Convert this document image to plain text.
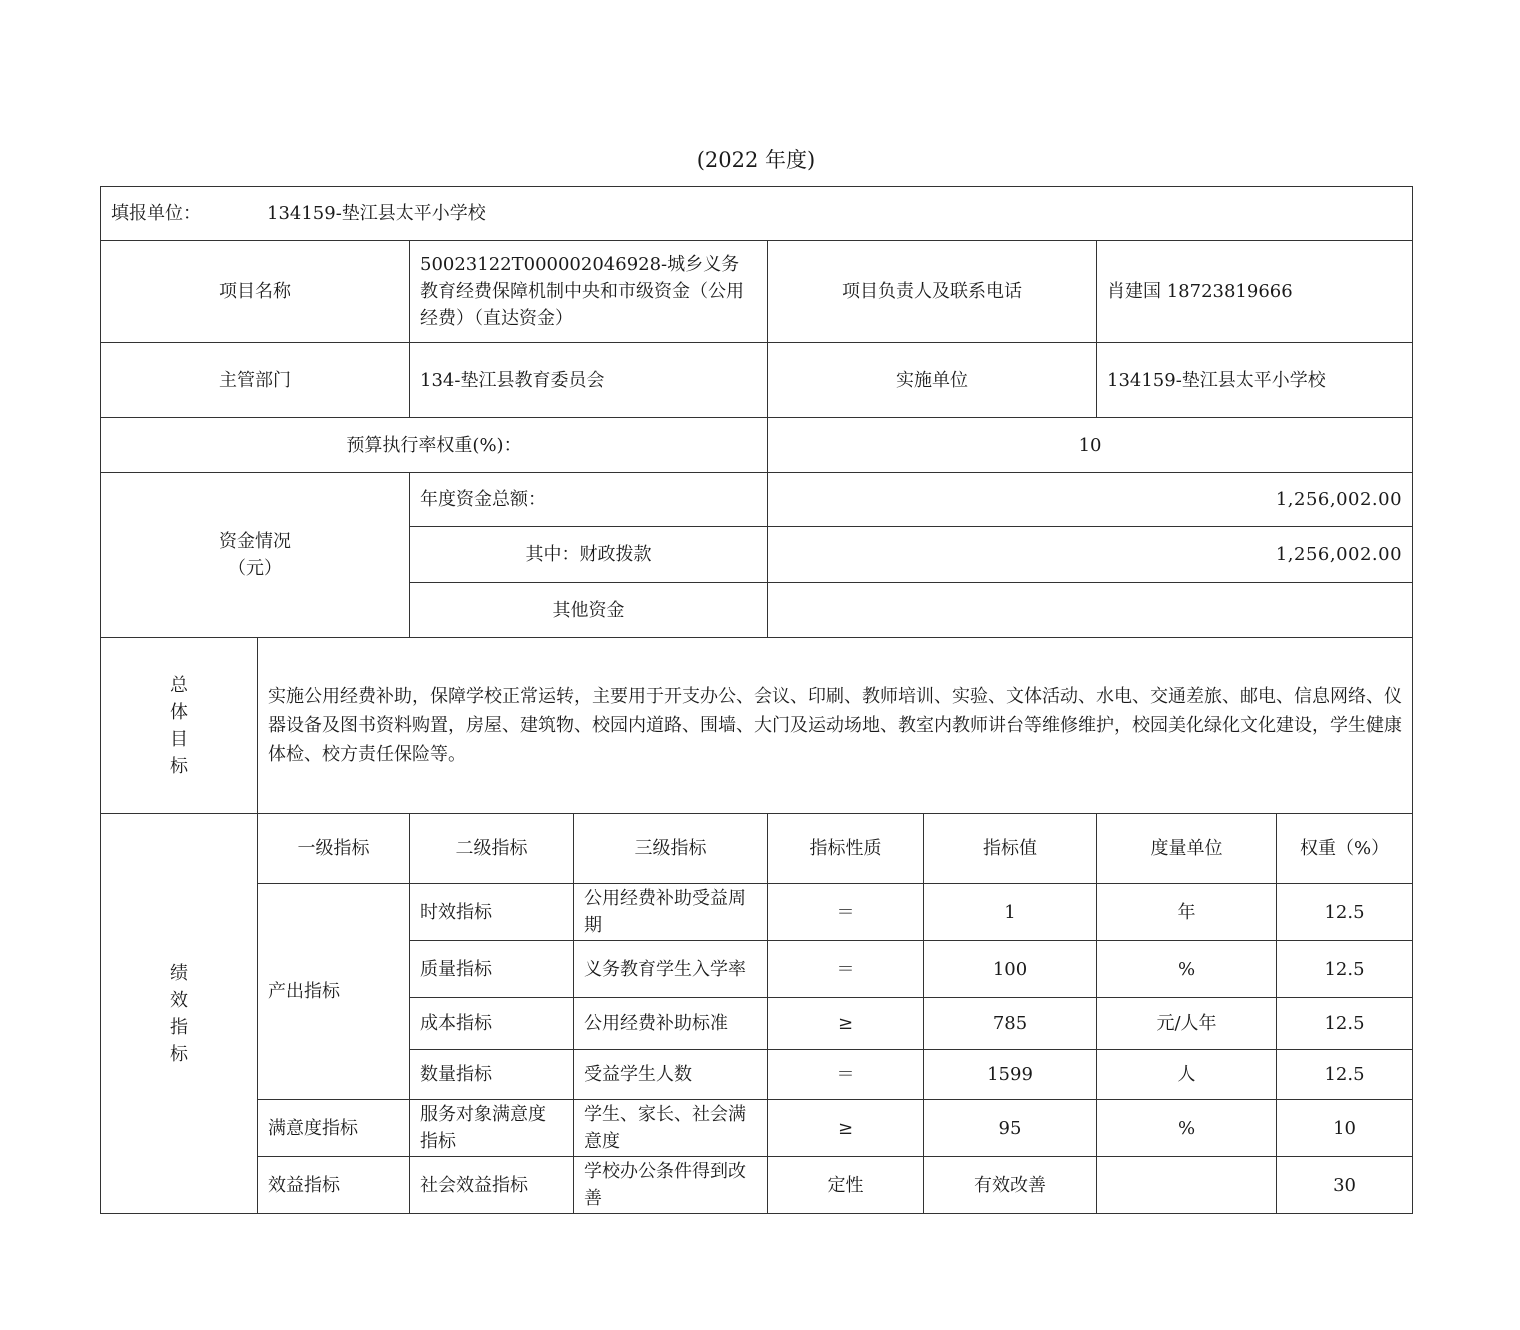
(2022 年度)
填报单位： 134159-垫江县太平小学校							
项目名称		50023122T000002046928-城乡义务教育经费保障机制中央和市级资金（公用经费）（直达资金）		项目负责人及联系电话		肖建国 18723819666	
主管部门		134-垫江县教育委员会		实施单位		134159-垫江县太平小学校	
预算执行率权重(%)：				10			

资金情况
（元）		年度资金总额：		1,256,002.00			
		其中：财政拨款		1,256,002.00			
		其他资金					

总
体
目
标	实施公用经费补助，保障学校正常运转，主要用于开支办公、会议、印刷、教师培训、实验、文体活动、水电、交通差旅、邮电、信息网络、仪器设备及图书资料购置，房屋、建筑物、校园内道路、围墙、大门及运动场地、教室内教师讲台等维修维护，校园美化绿化文化建设，学生健康体检、校方责任保险等。						

绩
效
指
标	一级指标	二级指标	三级指标	指标性质	指标值	度量单位	权重（%）
	产出指标	时效指标	公用经费补助受益周期	＝	1	年	12.5
		质量指标	义务教育学生入学率	＝	100	%	12.5
		成本指标	公用经费补助标准	≥	785	元/人年	12.5
		数量指标	受益学生人数	＝	1599	人	12.5
	满意度指标	服务对象满意度指标	学生、家长、社会满意度	≥	95	%	10
	效益指标	社会效益指标	学校办公条件得到改善	定性	有效改善		30
